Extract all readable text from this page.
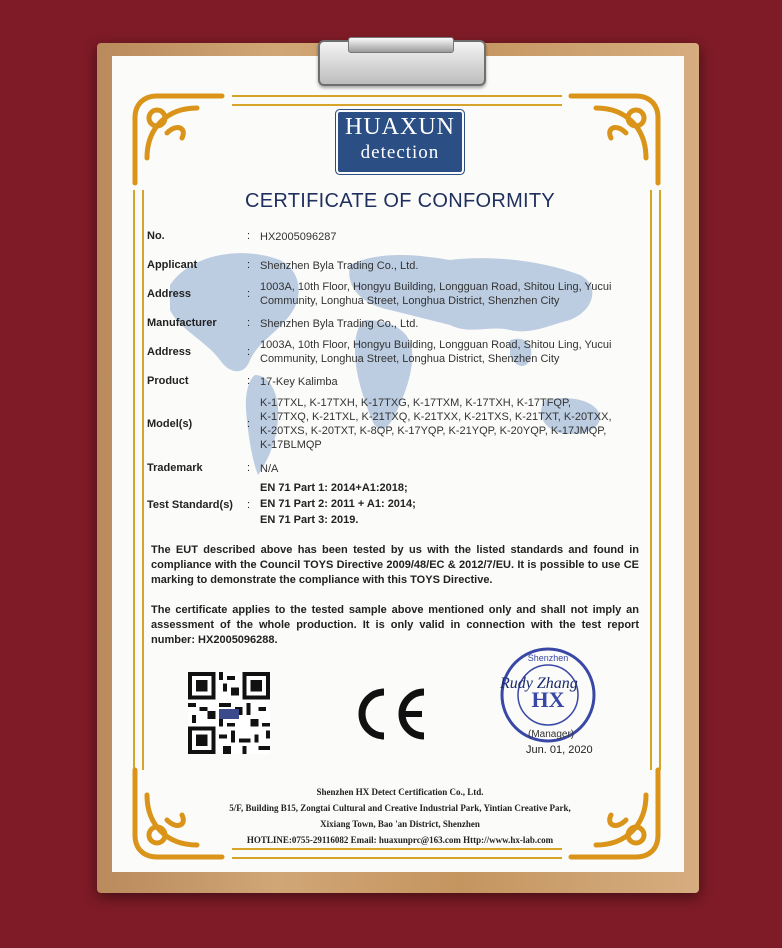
HUAXUN
detection
CERTIFICATE OF CONFORMITY
No.	: HX2005096287
Applicant	: Shenzhen Byla Trading Co., Ltd.
Address	:
1003A, 10th Floor, Hongyu Building, Longguan Road, Shitou Ling, Yucui
Community, Longhua Street, Longhua District, Shenzhen City
Manufacturer	: Shenzhen Byla Trading Co., Ltd.
Address	:
1003A, 10th Floor, Hongyu Building, Longguan Road, Shitou Ling, Yucui
Community, Longhua Street, Longhua District, Shenzhen City
Product	: 17-Key Kalimba
Model(s)	:
K-17TXL, K-17TXH, K-17TXG, K-17TXM, K-17TXH, K-17TFQP,
K-17TXQ, K-21TXL, K-21TXQ, K-21TXX, K-21TXS, K-21TXT, K-20TXX,
K-20TXS, K-20TXT, K-8QP, K-17YQP, K-21YQP, K-20YQP, K-17JMQP,
K-17BLMQP
Trademark	: N/A
Test Standard(s) :
EN 71 Part 1: 2014+A1:2018;
EN 71 Part 2: 2011 + A1: 2014;
EN 71 Part 3: 2019.
The EUT described above has been tested by us with the listed standards and found in compliance with the Council TOYS Directive 2009/48/EC & 2012/7/EU. It is possible to use CE marking to demonstrate the compliance with this TOYS Directive.
The certificate applies to the tested sample above mentioned only and shall not imply an assessment of the whole production. It is only valid in connection with the test report number: HX2005096288.
Shenzhen
HX
Rudy Zhang
(Manager)
Jun. 01, 2020
Shenzhen HX Detect Certification Co., Ltd.
5/F, Building B15, Zongtai Cultural and Creative Industrial Park, Yintian Creative Park,
Xixiang Town, Bao 'an District, Shenzhen
HOTLINE:0755-29116082 Email: huaxunprc@163.com Http://www.hx-lab.com
